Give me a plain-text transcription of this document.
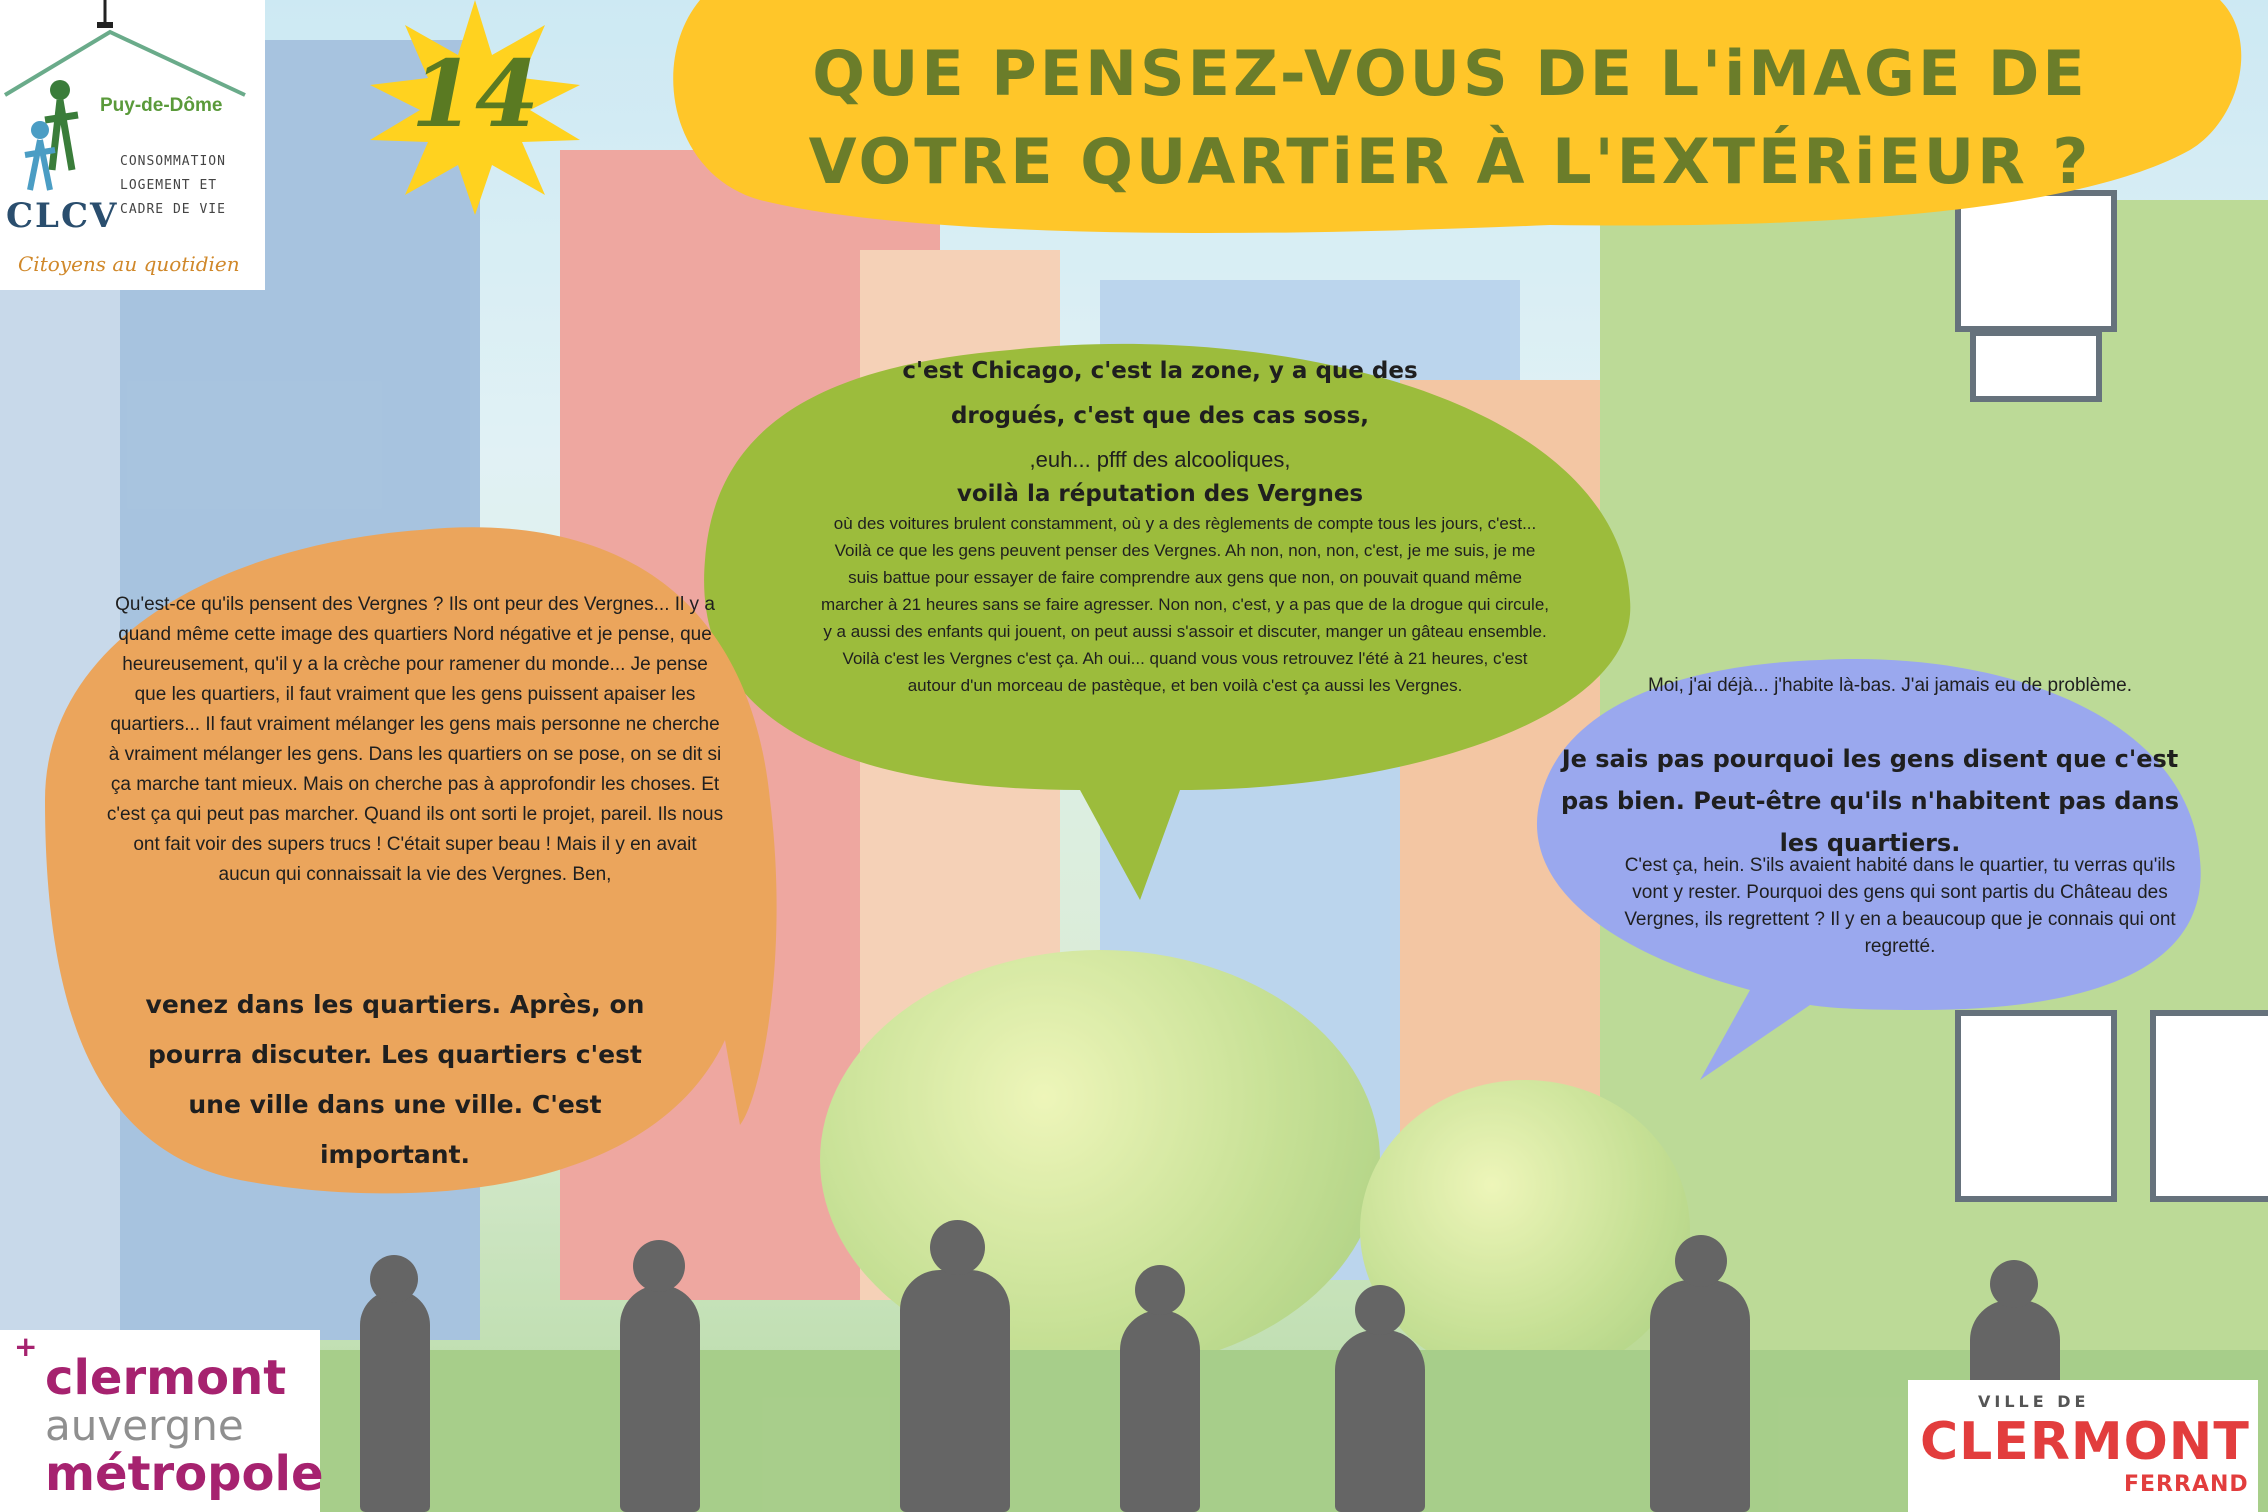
14	QUE PENSEZ-VOUS DE L'iMAGE DE VOTRE QUARTiER À L'EXTÉRiEUR ?
Puy-de-Dôme
CONSOMMATION
LOGEMENT ET
CADRE DE VIE
CLCV
Citoyens au quotidien
c'est Chicago, c'est la zone, y a que des
drogués, c'est que des cas soss,
,euh... pfff des alcooliques,
voilà la réputation des Vergnes
où des voitures brulent constamment, où y a des règlements de compte tous les jours, c'est... Voilà ce que les gens peuvent penser des Vergnes. Ah non, non, non, c'est, je me suis, je me suis battue pour essayer de faire comprendre aux gens que non, on pouvait quand même marcher à 21 heures sans se faire agresser. Non non, c'est, y a pas que de la drogue qui circule, y a aussi des enfants qui jouent, on peut aussi s'assoir et discuter, manger un gâteau ensemble. Voilà c'est les Vergnes c'est ça. Ah oui... quand vous vous retrouvez l'été à 21 heures, c'est autour d'un morceau de pastèque, et ben voilà c'est ça aussi les Vergnes.
Qu'est-ce qu'ils pensent des Vergnes ? Ils ont peur des Vergnes... Il y a quand même cette image des quartiers Nord négative et je pense, que heureusement, qu'il y a la crèche pour ramener du monde... Je pense que les quartiers, il faut vraiment que les gens puissent apaiser les quartiers... Il faut vraiment mélanger les gens mais personne ne cherche à vraiment mélanger les gens. Dans les quartiers on se pose, on se dit si ça marche tant mieux. Mais on cherche pas à approfondir les choses. Et c'est ça qui peut pas marcher. Quand ils ont sorti le projet, pareil. Ils nous ont fait voir des supers trucs ! C'était super beau ! Mais il y en avait aucun qui connaissait la vie des Vergnes. Ben,
venez dans les quartiers. Après, on pourra discuter. Les quartiers c'est une ville dans une ville. C'est important.
Moi, j'ai déjà... j'habite là-bas. J'ai jamais eu de problème.
Je sais pas pourquoi les gens disent que c'est pas bien. Peut-être qu'ils n'habitent pas dans les quartiers.
C'est ça, hein. S'ils avaient habité dans le quartier, tu verras qu'ils vont y rester. Pourquoi des gens qui sont partis du Château des Vergnes, ils regrettent ? Il y en a beaucoup que je connais qui ont regretté.
+
clermont
auvergne
métropole
VILLE DE
CLERMONT
FERRAND
